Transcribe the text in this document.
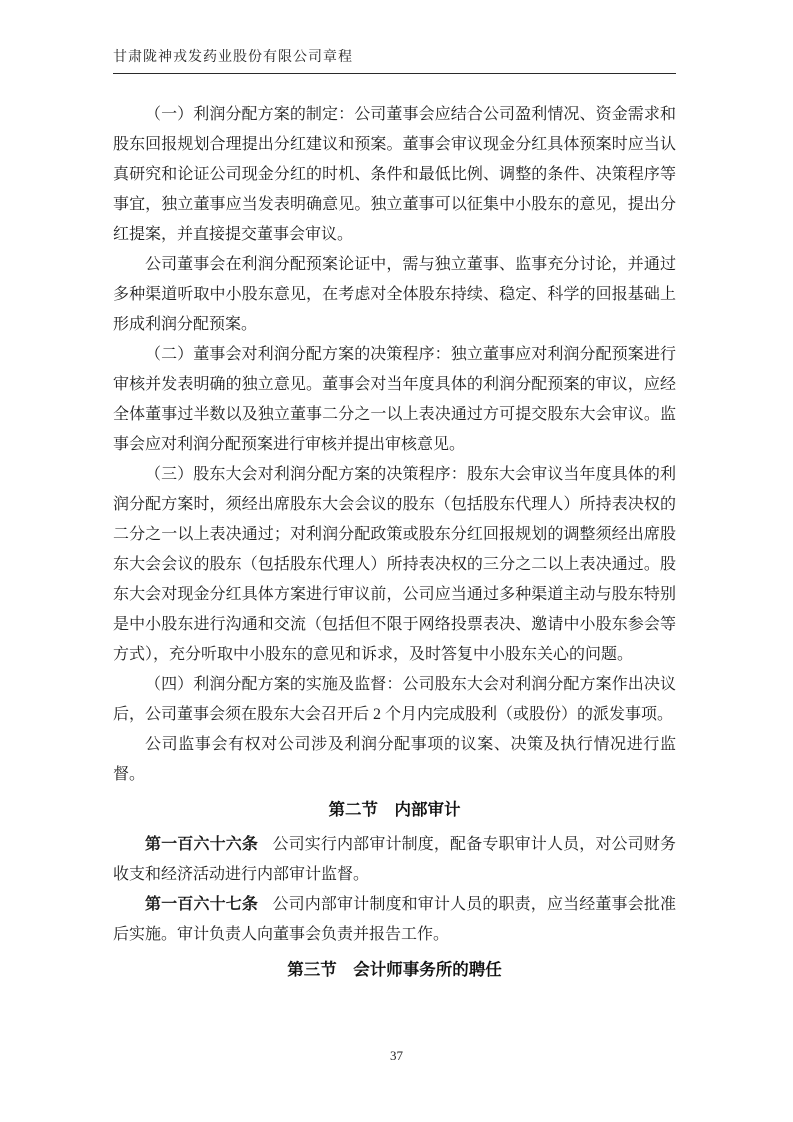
甘肃陇神戎发药业股份有限公司章程

（一）利润分配方案的制定：公司董事会应结合公司盈利情况、资金需求和股东回报规划合理提出分红建议和预案。董事会审议现金分红具体预案时应当认真研究和论证公司现金分红的时机、条件和最低比例、调整的条件、决策程序等事宜，独立董事应当发表明确意见。独立董事可以征集中小股东的意见，提出分红提案，并直接提交董事会审议。

公司董事会在利润分配预案论证中，需与独立董事、监事充分讨论，并通过多种渠道听取中小股东意见，在考虑对全体股东持续、稳定、科学的回报基础上形成利润分配预案。

（二）董事会对利润分配方案的决策程序：独立董事应对利润分配预案进行审核并发表明确的独立意见。董事会对当年度具体的利润分配预案的审议，应经全体董事过半数以及独立董事二分之一以上表决通过方可提交股东大会审议。监事会应对利润分配预案进行审核并提出审核意见。

（三）股东大会对利润分配方案的决策程序：股东大会审议当年度具体的利润分配方案时，须经出席股东大会会议的股东（包括股东代理人）所持表决权的二分之一以上表决通过；对利润分配政策或股东分红回报规划的调整须经出席股东大会会议的股东（包括股东代理人）所持表决权的三分之二以上表决通过。股东大会对现金分红具体方案进行审议前，公司应当通过多种渠道主动与股东特别是中小股东进行沟通和交流（包括但不限于网络投票表决、邀请中小股东参会等方式），充分听取中小股东的意见和诉求，及时答复中小股东关心的问题。

（四）利润分配方案的实施及监督：公司股东大会对利润分配方案作出决议后，公司董事会须在股东大会召开后 2 个月内完成股利（或股份）的派发事项。

公司监事会有权对公司涉及利润分配事项的议案、决策及执行情况进行监督。

第二节　内部审计

第一百六十六条 公司实行内部审计制度，配备专职审计人员，对公司财务收支和经济活动进行内部审计监督。

第一百六十七条 公司内部审计制度和审计人员的职责，应当经董事会批准后实施。审计负责人向董事会负责并报告工作。

第三节　会计师事务所的聘任
37
